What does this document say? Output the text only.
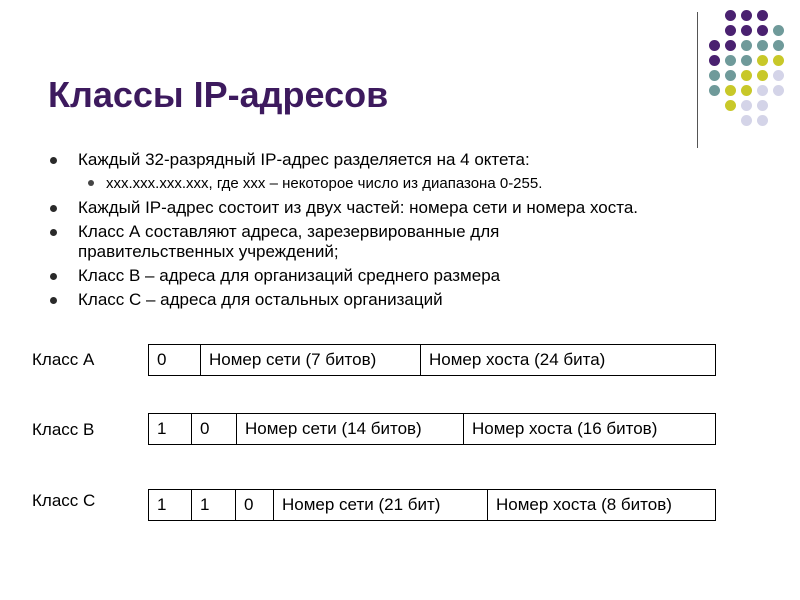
Классы IP-адресов
Каждый 32-разрядный IP-адрес разделяется на 4 октета:
xxx.xxx.xxx.xxx, где xxx – некоторое число из диапазона 0-255.
Каждый IP-адрес состоит из двух частей: номера сети и номера хоста.
Класс А составляют адреса, зарезервированные для правительственных учреждений;
Класс В – адреса для организаций среднего размера
Класс С – адреса для остальных организаций
Класс А	0	Номер сети (7 битов)	Номер хоста (24 бита)
Класс В	1	0	Номер сети (14 битов)	Номер хоста (16 битов)
Класс С	1	1	0	Номер сети (21 бит)	Номер хоста (8 битов)
